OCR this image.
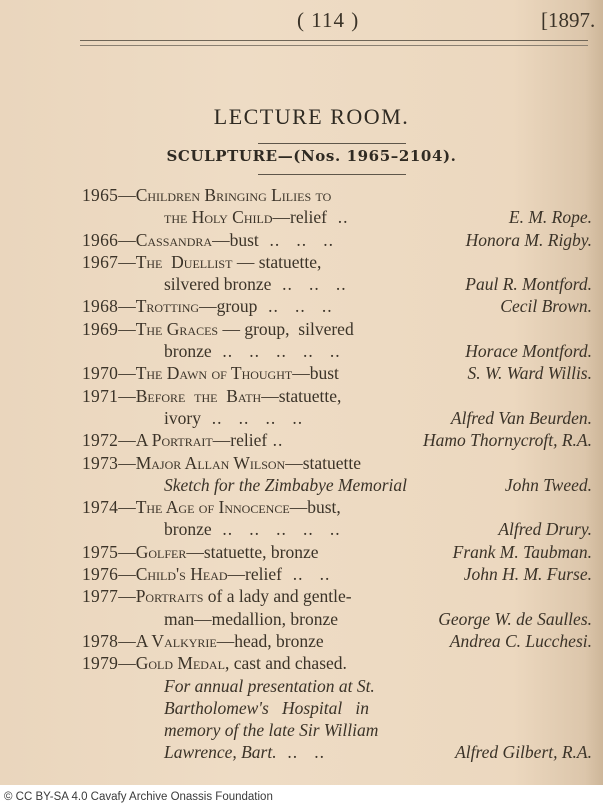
( 114 )	[1897.
LECTURE ROOM.
SCULPTURE—(Nos. 1965–2104).
1965—Children Bringing Lilies to
the Holy Child—relief  ..	E. M. Rope.
1966—Cassandra—bust  ..   ..   ..	Honora M. Rigby.
1967—The  Duellist — statuette,
silvered bronze  ..   ..   ..	Paul R. Montford.
1968—Trotting—group  ..   ..   ..	Cecil Brown.
1969—The Graces — group,  silvered
bronze  ..   ..   ..   ..   ..	Horace Montford.
1970—The Dawn of Thought—bust	S. W. Ward Willis.
1971—Before  the  Bath—statuette,
ivory  ..   ..   ..   ..	Alfred Van Beurden.
1972—A Portrait—relief ..	Hamo Thornycroft, R.A.
1973—Major Allan Wilson—statuette
Sketch for the Zimbabye Memorial	John Tweed.
1974—The Age of Innocence—bust,
bronze  ..   ..   ..   ..   ..	Alfred Drury.
1975—Golfer—statuette, bronze	Frank M. Taubman.
1976—Child's Head—relief  ..   ..	John H. M. Furse.
1977—Portraits of a lady and gentle-
man—medallion, bronze	George W. de Saulles.
1978—A Valkyrie—head, bronze	Andrea C. Lucchesi.
1979—Gold Medal, cast and chased.
For annual presentation at St.
Bartholomew's   Hospital   in
memory of the late Sir William
Lawrence, Bart.  ..   ..	Alfred Gilbert, R.A.
© CC BY-SA 4.0 Cavafy Archive Onassis Foundation
